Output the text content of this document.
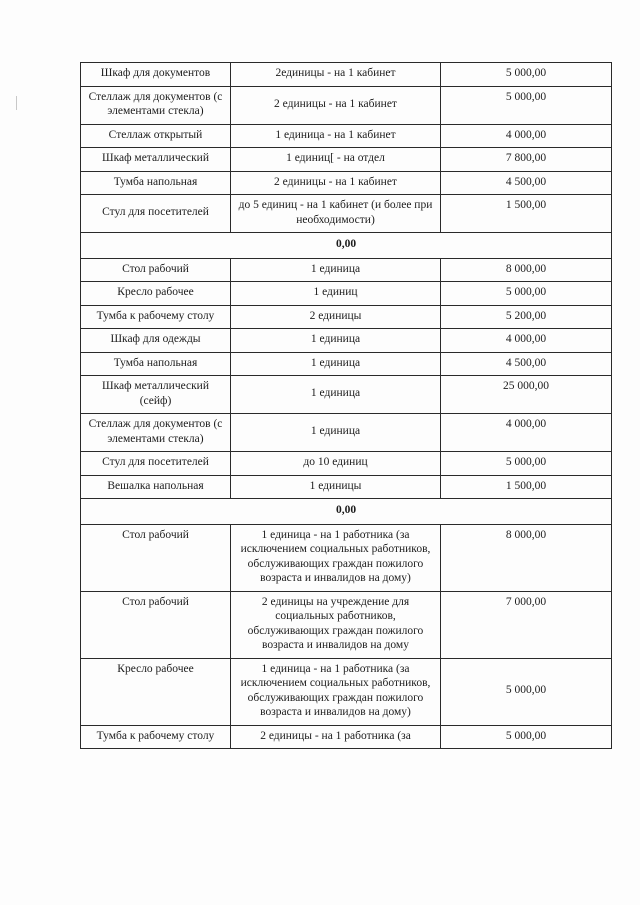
Шкаф для документов	2единицы - на 1 кабинет	5 000,00
Стеллаж для документов (с элементами стекла)	2 единицы - на 1 кабинет	5 000,00
Стеллаж открытый	1 единица - на 1 кабинет	4 000,00
Шкаф металлический	1 единиц[ - на отдел	7 800,00
Тумба напольная	2 единицы - на 1 кабинет	4 500,00
Стул для посетителей	до 5 единиц - на 1 кабинет (и более при необходимости)	1 500,00
0,00		
Стол рабочий	1 единица	8 000,00
Кресло рабочее	1 единиц	5 000,00
Тумба к рабочему столу	2 единицы	5 200,00
Шкаф для одежды	1 единица	4 000,00
Тумба напольная	1 единица	4 500,00
Шкаф металлический (сейф)	1 единица	25 000,00
Стеллаж для документов (с элементами стекла)	1 единица	4 000,00
Стул для посетителей	до 10 единиц	5 000,00
Вешалка напольная	1 единицы	1 500,00
0,00		
Стол рабочий	1 единица - на 1 работника (за исключением социальных работников, обслуживающих граждан пожилого возраста и инвалидов на дому)	8 000,00
Стол рабочий	2 единицы на учреждение для социальных работников, обслуживающих граждан пожилого возраста и инвалидов на дому	7 000,00
Кресло рабочее	1 единица - на 1 работника (за исключением социальных работников, обслуживающих граждан пожилого возраста и инвалидов на дому)	5 000,00
Тумба к рабочему столу	2 единицы - на 1 работника (за	5 000,00
